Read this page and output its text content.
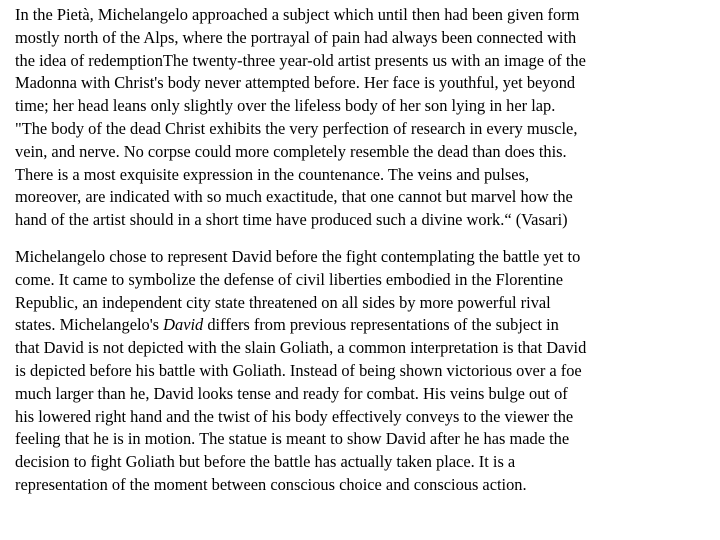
In the Pietà, Michelangelo approached a subject which until then had been given form
mostly north of the Alps, where the portrayal of pain had always been connected with
the idea of redemptionThe twenty-three year-old artist presents us with an image of the
Madonna with Christ's body never attempted before. Her face is youthful, yet beyond
time; her head leans only slightly over the lifeless body of her son lying in her lap.
"The body of the dead Christ exhibits the very perfection of research in every muscle,
vein, and nerve. No corpse could more completely resemble the dead than does this.
There is a most exquisite expression in the countenance. The veins and pulses,
moreover, are indicated with so much exactitude, that one cannot but marvel how the
hand of the artist should in a short time have produced such a divine work.“ (Vasari)

Michelangelo chose to represent David before the fight contemplating the battle yet to
come. It came to symbolize the defense of civil liberties embodied in the Florentine
Republic, an independent city state threatened on all sides by more powerful rival
states. Michelangelo's David differs from previous representations of the subject in
that David is not depicted with the slain Goliath, a common interpretation is that David
is depicted before his battle with Goliath. Instead of being shown victorious over a foe
much larger than he, David looks tense and ready for combat. His veins bulge out of
his lowered right hand and the twist of his body effectively conveys to the viewer the
feeling that he is in motion. The statue is meant to show David after he has made the
decision to fight Goliath but before the battle has actually taken place. It is a
representation of the moment between conscious choice and conscious action.
